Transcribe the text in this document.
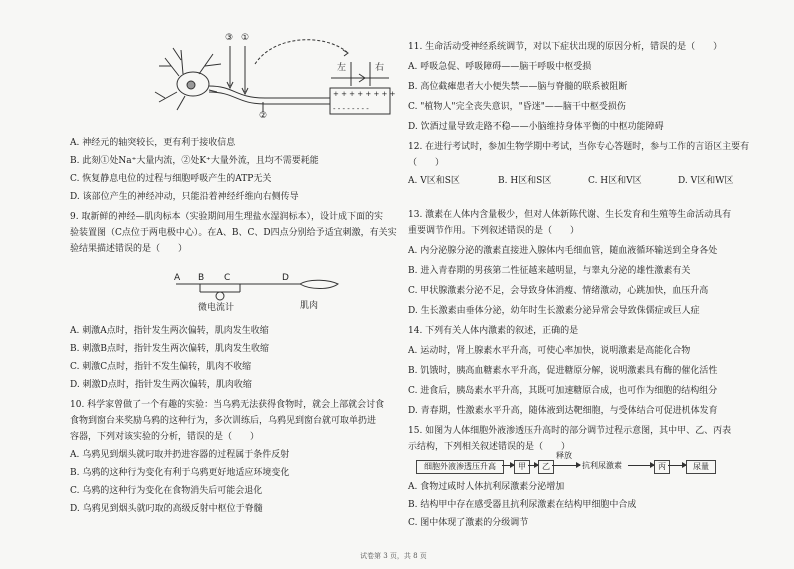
③ ①
②
+ + + + + + + +
- - - - - - - -
左	右
A. 神经元的轴突较长，更有利于接收信息
B. 此刻①处Na⁺大量内流，②处K⁺大量外流，且均不需要耗能
C. 恢复静息电位的过程与细胞呼吸产生的ATP无关
D. 该部位产生的神经冲动，只能沿着神经纤维向右侧传导
9. 取新鲜的神经—肌肉标本（实验期间用生理盐水湿润标本），设计成下面的实
验装置图（C点位于两电极中心）。在A、B、C、D四点分别给予适宜刺激，有关实
验结果描述错误的是（　　）
A B C	D
微电流计	肌肉
A. 刺激A点时，指针发生两次偏转，肌肉发生收缩
B. 刺激B点时，指针发生两次偏转，肌肉发生收缩
C. 刺激C点时，指针不发生偏转，肌肉不收缩
D. 刺激D点时，指针发生两次偏转，肌肉收缩
10. 科学家曾做了一个有趣的实验：当乌鸦无法获得食物时，就会上部就会讨食
食物到窗台来奖励乌鸦的这种行为，多次训练后，乌鸦见到窗台就可取单扔进
容器，下列对该实验的分析，错误的是（　　）
A. 乌鸦见到烟头就叼取并扔进容器的过程属于条件反射
B. 乌鸦的这种行为变化有利于乌鸦更好地适应环境变化
C. 乌鸦的这种行为变化在食物消失后可能会退化
D. 乌鸦见到烟头就叼取的高级反射中枢位于脊髓
11. 生命活动受神经系统调节，对以下症状出现的原因分析，错误的是（　　）
A. 呼吸急促、呼吸障碍——脑干呼吸中枢受损
B. 高位截瘫患者大小便失禁——脑与脊髓的联系被阻断
C. "植物人"完全丧失意识，"昏迷"——脑干中枢受损伤
D. 饮酒过量导致走路不稳——小脑维持身体平衡的中枢功能障碍
12. 在进行考试时，参加生物学期中考试，当你专心答题时，参与工作的言语区主要有
（　　）
A. V区和S区	B. H区和S区	C. H区和V区	D. V区和W区
13. 激素在人体内含量极少，但对人体新陈代谢、生长发育和生殖等生命活动具有
重要调节作用。下列叙述错误的是（　　）
A. 内分泌腺分泌的激素直接进入腺体内毛细血管，随血液循环输送到全身各处
B. 进入青春期的男孩第二性征越来越明显，与睾丸分泌的雄性激素有关
C. 甲状腺激素分泌不足，会导致身体消瘦、情绪激动，心跳加快，血压升高
D. 生长激素由垂体分泌，幼年时生长激素分泌异常会导致侏儒症或巨人症
14. 下列有关人体内激素的叙述，正确的是
A. 运动时，肾上腺素水平升高，可使心率加快，说明激素是高能化合物
B. 饥饿时，胰高血糖素水平升高，促进糖原分解，说明激素具有酶的催化活性
C. 进食后，胰岛素水平升高，其既可加速糖原合成，也可作为细胞的结构组分
D. 青春期，性激素水平升高，随体液到达靶细胞，与受体结合可促进机体发育
15. 如图为人体细胞外液渗透压升高时的部分调节过程示意图，其中甲、乙、丙表
示结构，下列相关叙述错误的是（　　）
细胞外液渗透压升高	甲	乙
释放
抗利尿激素	丙	尿量
A. 食物过咸时人体抗利尿激素分泌增加
B. 结构甲中存在感受器且抗利尿激素在结构甲细胞中合成
C. 图中体现了激素的分级调节
试卷第 3 页，共 8 页
